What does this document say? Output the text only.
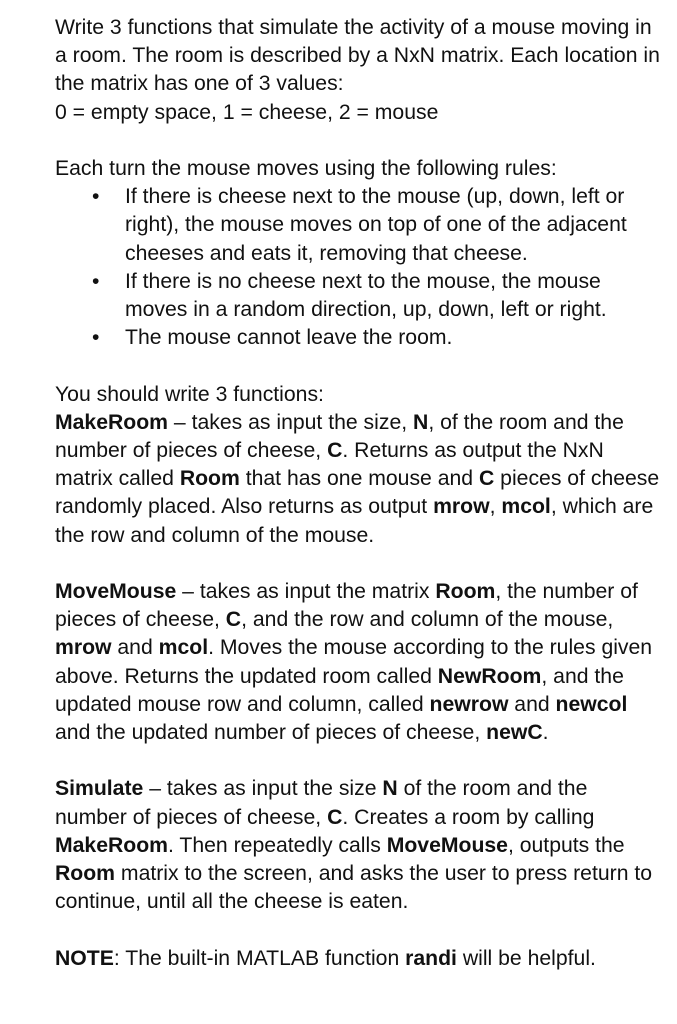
Write 3 functions that simulate the activity of a mouse moving in a room. The room is described by a NxN matrix. Each location in the matrix has one of 3 values:
0 = empty space, 1 = cheese, 2 = mouse

Each turn the mouse moves using the following rules:

• If there is cheese next to the mouse (up, down, left or right), the mouse moves on top of one of the adjacent cheeses and eats it, removing that cheese.
• If there is no cheese next to the mouse, the mouse moves in a random direction, up, down, left or right.
• The mouse cannot leave the room.

You should write 3 functions:

MakeRoom – takes as input the size, N, of the room and the number of pieces of cheese, C. Returns as output the NxN matrix called Room that has one mouse and C pieces of cheese randomly placed. Also returns as output mrow, mcol, which are the row and column of the mouse.

MoveMouse – takes as input the matrix Room, the number of pieces of cheese, C, and the row and column of the mouse, mrow and mcol. Moves the mouse according to the rules given above. Returns the updated room called NewRoom, and the updated mouse row and column, called newrow and newcol and the updated number of pieces of cheese, newC.

Simulate – takes as input the size N of the room and the number of pieces of cheese, C. Creates a room by calling MakeRoom. Then repeatedly calls MoveMouse, outputs the Room matrix to the screen, and asks the user to press return to continue, until all the cheese is eaten.

NOTE: The built-in MATLAB function randi will be helpful.
